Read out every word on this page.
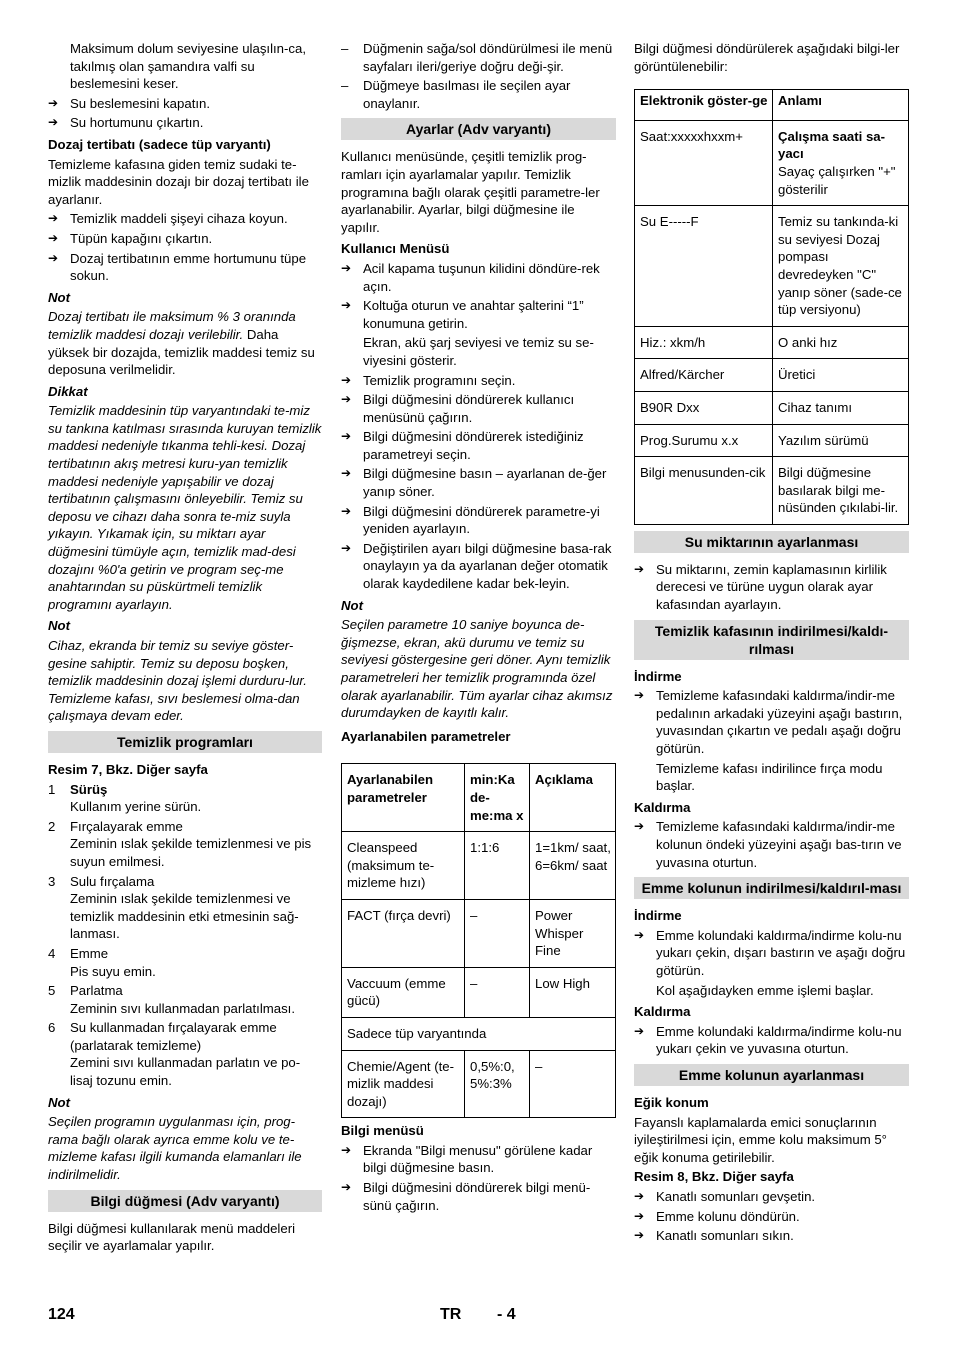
Maksimum dolum seviyesine ulaşılın-ca, takılmış olan şamandıra valfi su beslemesini keser.

➔ Su beslemesini kapatın.
➔ Su hortumunu çıkartın.
Dozaj tertibatı (sadece tüp varyantı)

Temizleme kafasına giden temiz sudaki te-mizlik maddesinin dozajı bir dozaj tertibatı ile ayarlanır.

➔ Temizlik maddeli şişeyi cihaza koyun.
➔ Tüpün kapağını çıkartın.
➔ Dozaj tertibatının emme hortumunu tüpe sokun.
Not

Dozaj tertibatı ile maksimum % 3 oranında temizlik maddesi dozajı verilebilir. Daha yüksek bir dozajda, temizlik maddesi temiz su deposuna verilmelidir.

Dikkat

Temizlik maddesinin tüp varyantındaki te-miz su tankına katılması sırasında kuruyan temizlik maddesi nedeniyle tıkanma tehli-kesi. Dozaj tertibatının akış metresi kuru-yan temizlik maddesi nedeniyle yapışabilir ve dozaj tertibatının çalışmasını önleyebilir. Temiz su deposu ve cihazı daha sonra te-miz suyla yıkayın. Yıkamak için, su miktarı ayar düğmesini tümüyle açın, temizlik mad-desi dozajını %0'a getirin ve program seç-me anahtarından su püskürtmeli temizlik programını ayarlayın.

Not

Cihaz, ekranda bir temiz su seviye göster-gesine sahiptir. Temiz su deposu boşken, temizlik maddesinin dozaj işlemi durduru-lur. Temizleme kafası, sıvı beslemesi olma-dan çalışmaya devam eder.

Temizlik programları
Resim 7, Bkz. Diğer sayfa
1 Sürüş

Kullanım yerine sürün.

2 Fırçalayarak emme

Zeminin ıslak şekilde temizlenmesi ve pis suyun emilmesi.

3 Sulu fırçalama

Zeminin ıslak şekilde temizlenmesi ve temizlik maddesinin etki etmesinin sağ-lanması.

4 Emme

Pis suyu emin.

5 Parlatma

Zeminin sıvı kullanmadan parlatılması.

6 Su kullanmadan fırçalayarak emme (parlatarak temizleme)

Zemini sıvı kullanmadan parlatın ve po-lisaj tozunu emin.

Not

Seçilen programın uygulanması için, prog-rama bağlı olarak ayrıca emme kolu ve te-mizleme kafası ilgili kumanda elamanları ile indirilmelidir.

Bilgi düğmesi (Adv varyantı)

Bilgi düğmesi kullanılarak menü maddeleri seçilir ve ayarlamalar yapılır.

– Düğmenin sağa/sol döndürülmesi ile menü sayfaları ileri/geriye doğru deği-şir.
– Düğmeye basılması ile seçilen ayar onaylanır.
Ayarlar (Adv varyantı)

Kullanıcı menüsünde, çeşitli temizlik prog-ramları için ayarlamalar yapılır. Temizlik programına bağlı olarak çeşitli parametre-ler ayarlanabilir. Ayarlar, bilgi düğmesine ile yapılır.

Kullanıcı Menüsü
➔ Acil kapama tuşunun kilidini döndüre-rek açın.
➔ Koltuğa oturun ve anahtar şalterini “1” konumuna getirin.

Ekran, akü şarj seviyesi ve temiz su se-viyesini gösterir.

➔ Temizlik programını seçin.
➔ Bilgi düğmesini döndürerek kullanıcı menüsünü çağırın.
➔ Bilgi düğmesini döndürerek istediğiniz parametreyi seçin.
➔ Bilgi düğmesine basın – ayarlanan de-ğer yanıp söner.
➔ Bilgi düğmesini döndürerek parametre-yi yeniden ayarlayın.
➔ Değiştirilen ayarı bilgi düğmesine basa-rak onaylayın ya da ayarlanan değer otomatik olarak kaydedilene kadar bek-leyin.
Not

Seçilen parametre 10 saniye boyunca de-ğişmezse, ekran, akü durumu ve temiz su seviyesi göstergesine geri döner. Aynı temizlik parametreleri her temizlik programında özel olarak ayarlanabilir. Tüm ayarlar cihaz akımsız durumdayken de kayıtlı kalır.

Ayarlanabilen parametreler
Ayarlanabilen parametreler	min:Ka de-me:ma x	Açıklama
Cleanspeed (maksimum te-mizleme hızı)	1:1:6	1=1km/ saat, 6=6km/ saat
FACT (fırça devri)	–	Power Whisper Fine
Vaccuum (emme gücü)	–	Low High
Sadece tüp varyantında		
Chemie/Agent (te-mizlik maddesi dozajı)	0,5%:0, 5%:3%	–
Bilgi menüsü
➔ Ekranda "Bilgi menusu" görülene kadar bilgi düğmesine basın.
➔ Bilgi düğmesini döndürerek bilgi menü-sünü çağırın.

Bilgi düğmesi döndürülerek aşağıdaki bilgi-ler görüntülenebilir:

Elektronik göster-ge	Anlamı
Saat:xxxxxhxxm+	Çalışma saati sa-yacı
Sayaç çalışırken "+" gösterilir

Su E-----F	Temiz su tankında-ki su seviyesi Dozaj pompası devredeyken "C" yanıp söner (sade-ce tüp versiyonu)

Hiz.: xkm/h	O anki hız

Alfred/Kärcher	Üretici

B90R Dxx	Cihaz tanımı

Prog.Surumu x.x	Yazılım sürümü

Bilgi menusunden-cik	Bilgi düğmesine basılarak bilgi me-nüsünden çıkılabi-lir.
Su miktarının ayarlanması
➔ Su miktarını, zemin kaplamasının kirlilik derecesi ve türüne uygun olarak ayar kafasından ayarlayın.
Temizlik kafasının indirilmesi/kaldı-rılması
İndirme
➔ Temizleme kafasındaki kaldırma/indir-me pedalının arkadaki yüzeyini aşağı bastırın, yuvasından çıkartın ve pedalı aşağı doğru götürün.

Temizleme kafası indirilince fırça modu başlar.

Kaldırma
➔ Temizleme kafasındaki kaldırma/indir-me kolunun öndeki yüzeyini aşağı bas-tırın ve yuvasına oturtun.
Emme kolunun indirilmesi/kaldırıl-ması
İndirme
➔ Emme kolundaki kaldırma/indirme kolu-nu yukarı çekin, dışarı bastırın ve aşağı doğru götürün.

Kol aşağıdayken emme işlemi başlar.

Kaldırma
➔ Emme kolundaki kaldırma/indirme kolu-nu yukarı çekin ve yuvasına oturtun.
Emme kolunun ayarlanması
Eğik konum

Fayanslı kaplamalarda emici sonuçlarının iyileştirilmesi için, emme kolu maksimum 5° eğik konuma getirilebilir.

Resim 8, Bkz. Diğer sayfa
➔ Kanatlı somunları gevşetin.
➔ Emme kolunu döndürün.
➔ Kanatlı somunları sıkın.
124	TR - 4
